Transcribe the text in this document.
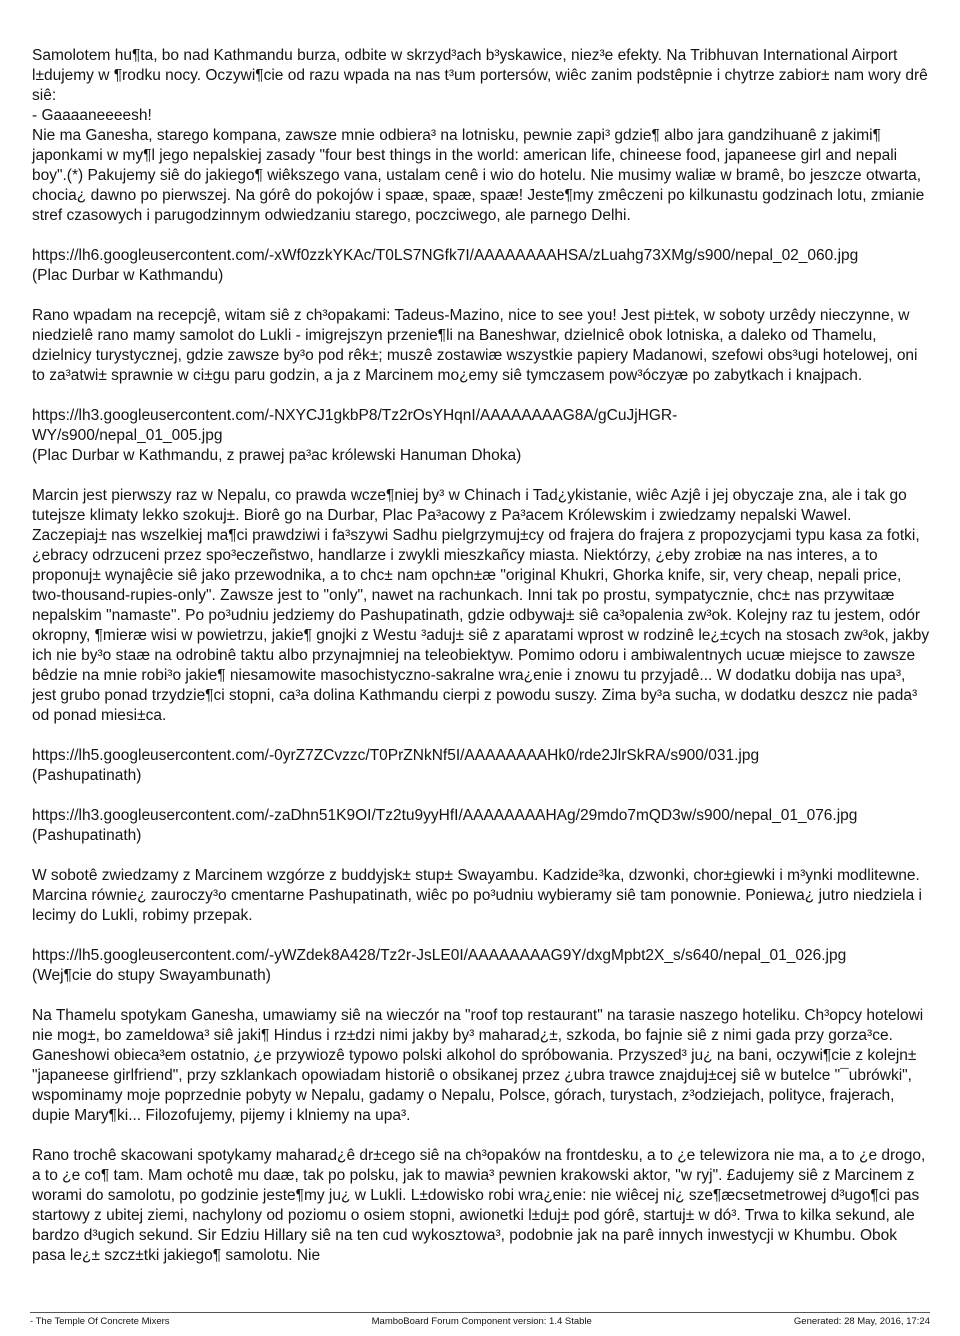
Samolotem hu¶ta, bo nad Kathmandu burza, odbite w skrzyd³ach b³yskawice, niez³e efekty. Na Tribhuvan International Airport l±dujemy w ¶rodku nocy. Oczywi¶cie od razu wpada na nas t³um portersów, wiêc zanim podstêpnie i chytrze zabior± nam wory drê siê:
- Gaaaaneeeesh!
Nie ma Ganesha, starego kompana, zawsze mnie odbiera³ na lotnisku, pewnie zapi³ gdzie¶ albo jara gandzihuanê z jakimi¶ japonkami w my¶l jego nepalskiej zasady "four best things in the world: american life, chineese food, japaneese girl and nepali boy".(*) Pakujemy siê do jakiego¶ wiêkszego vana, ustalam cenê i wio do hotelu. Nie musimy waliæ w bramê, bo jeszcze otwarta, chocia¿ dawno po pierwszej. Na górê do pokojów i spaæ, spaæ, spaæ! Jeste¶my zmêczeni po kilkunastu godzinach lotu, zmianie stref czasowych i parugodzinnym odwiedzaniu starego, poczciwego, ale parnego Delhi.

https://lh6.googleusercontent.com/-xWf0zzkYKAc/T0LS7NGfk7I/AAAAAAAAHSA/zLuahg73XMg/s900/nepal_02_060.jpg
(Plac Durbar w Kathmandu)

Rano wpadam na recepcjê, witam siê z ch³opakami: Tadeus-Mazino, nice to see you! Jest pi±tek, w soboty urzêdy nieczynne, w niedzielê rano mamy samolot do Lukli - imigrejszyn przenie¶li na Baneshwar, dzielnicê obok lotniska, a daleko od Thamelu, dzielnicy turystycznej, gdzie zawsze by³o pod rêk±; muszê zostawiæ wszystkie papiery Madanowi, szefowi obs³ugi hotelowej, oni to za³atwi± sprawnie w ci±gu paru godzin, a ja z Marcinem mo¿emy siê tymczasem pow³óczyæ po zabytkach i knajpach.

https://lh3.googleusercontent.com/-NXYCJ1gkbP8/Tz2rOsYHqnI/AAAAAAAAG8A/gCuJjHGR-
WY/s900/nepal_01_005.jpg
(Plac Durbar w Kathmandu, z prawej pa³ac królewski Hanuman Dhoka)

Marcin jest pierwszy raz w Nepalu, co prawda wcze¶niej by³ w Chinach i Tad¿ykistanie, wiêc Azjê i jej obyczaje zna, ale i tak go tutejsze klimaty lekko szokuj±. Biorê go na Durbar, Plac Pa³acowy z Pa³acem Królewskim i zwiedzamy nepalski Wawel. Zaczepiaj± nas wszelkiej ma¶ci prawdziwi i fa³szywi Sadhu pielgrzymuj±cy od frajera do frajera z propozycjami typu kasa za fotki, ¿ebracy odrzuceni przez spo³eczeñstwo, handlarze i zwykli mieszkañcy miasta. Niektórzy, ¿eby zrobiæ na nas interes, a to proponuj± wynajêcie siê jako przewodnika, a to chc± nam opchn±æ "original Khukri, Ghorka knife, sir, very cheap, nepali price, two-thousand-rupies-only". Zawsze jest to "only", nawet na rachunkach. Inni tak po prostu, sympatycznie, chc± nas przywitaæ nepalskim "namaste". Po po³udniu jedziemy do Pashupatinath, gdzie odbywaj± siê ca³opalenia zw³ok. Kolejny raz tu jestem, odór okropny, ¶mieræ wisi w powietrzu, jakie¶ gnojki z Westu ³aduj± siê z aparatami wprost w rodzinê le¿±cych na stosach zw³ok, jakby ich nie by³o staæ na odrobinê taktu albo przynajmniej na teleobiektyw. Pomimo odoru i ambiwalentnych ucuæ miejsce to zawsze bêdzie na mnie robi³o jakie¶ niesamowite masochistyczno-sakralne wra¿enie i znowu tu przyjadê... W dodatku dobija nas upa³, jest grubo ponad trzydzie¶ci stopni, ca³a dolina Kathmandu cierpi z powodu suszy. Zima by³a sucha, w dodatku deszcz nie pada³ od ponad miesi±ca.

https://lh5.googleusercontent.com/-0yrZ7ZCvzzc/T0PrZNkNf5I/AAAAAAAAHk0/rde2JlrSkRA/s900/031.jpg
(Pashupatinath)

https://lh3.googleusercontent.com/-zaDhn51K9OI/Tz2tu9yyHfI/AAAAAAAAHAg/29mdo7mQD3w/s900/nepal_01_076.jpg
(Pashupatinath)

W sobotê zwiedzamy z Marcinem wzgórze z buddyjsk± stup± Swayambu. Kadzide³ka, dzwonki, chor±giewki i m³ynki modlitewne. Marcina równie¿ zauroczy³o cmentarne Pashupatinath, wiêc po po³udniu wybieramy siê tam ponownie. Poniewa¿ jutro niedziela i lecimy do Lukli, robimy przepak.

https://lh5.googleusercontent.com/-yWZdek8A428/Tz2r-JsLE0I/AAAAAAAAG9Y/dxgMpbt2X_s/s640/nepal_01_026.jpg
(Wej¶cie do stupy Swayambunath)

Na Thamelu spotykam Ganesha, umawiamy siê na wieczór na "roof top restaurant" na tarasie naszego hoteliku. Ch³opcy hotelowi nie mog±, bo zameldowa³ siê jaki¶ Hindus i rz±dzi nimi jakby by³ maharad¿±, szkoda, bo fajnie siê z nimi gada przy gorza³ce. Ganeshowi obieca³em ostatnio, ¿e przywiozê typowo polski alkohol do spróbowania. Przyszed³ ju¿ na bani, oczywi¶cie z kolejn± "japaneese girlfriend", przy szklankach opowiadam historiê o obsikanej przez ¿ubra trawce znajduj±cej siê w butelce "¯ubrówki", wspominamy moje poprzednie pobyty w Nepalu, gadamy o Nepalu, Polsce, górach, turystach, z³odziejach, polityce, frajerach, dupie Mary¶ki... Filozofujemy, pijemy i klniemy na upa³.

Rano trochê skacowani spotykamy maharad¿ê dr±cego siê na ch³opaków na frontdesku, a to ¿e telewizora nie ma, a to ¿e drogo, a to ¿e co¶ tam. Mam ochotê mu daæ, tak po polsku, jak to mawia³ pewnien krakowski aktor, "w ryj". £adujemy siê z Marcinem z worami do samolotu, po godzinie jeste¶my ju¿ w Lukli. L±dowisko robi wra¿enie: nie wiêcej ni¿ sze¶æcsetmetrowej d³ugo¶ci pas startowy z ubitej ziemi, nachylony od poziomu o osiem stopni, awionetki l±duj± pod górê, startuj± w dó³. Trwa to kilka sekund, ale bardzo d³ugich sekund. Sir Edziu Hillary siê na ten cud wykosztowa³, podobnie jak na parê innych inwestycji w Khumbu. Obok pasa le¿± szcz±tki jakiego¶ samolotu. Nie

- The Temple Of Concrete Mixers	MamboBoard Forum Component version: 1.4 Stable	Generated: 28 May, 2016, 17:24
